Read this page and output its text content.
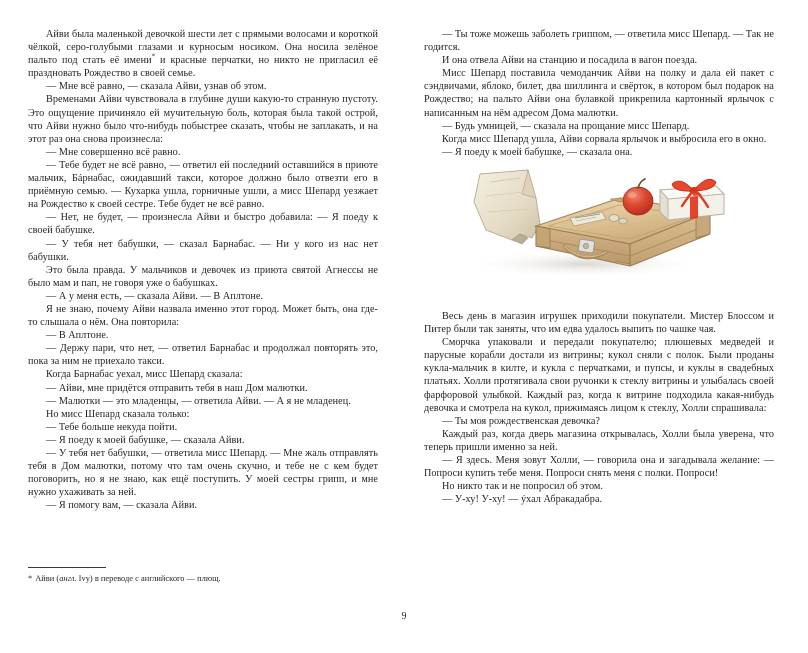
Айви была маленькой девочкой шести лет с прямыми волосами и короткой чёлкой, серо-голубыми глазами и курносым носиком. Она носила зелёное пальто под стать её имени* и красные перчатки, но никто не пригласил её праздновать Рождество в своей семье.

— Мне всё равно, — сказала Айви, узнав об этом.

Временами Айви чувствовала в глубине души какую-то странную пустоту. Это ощущение причиняло ей мучительную боль, которая была такой острой, что Айви нужно было что-нибудь побыстрее сказать, чтобы не заплакать, и на этот раз она снова произнесла:

— Мне совершенно всё равно.

— Тебе будет не всё равно, — ответил ей последний оставшийся в приюте мальчик, Бáрнабас, ожидавший такси, которое должно было отвезти его в приёмную семью. — Кухарка ушла, горничные ушли, а мисс Шепард уезжает на Рождество к своей сестре. Тебе будет не всё равно.

— Нет, не будет, — произнесла Айви и быстро добавила: — Я поеду к своей бабушке.

— У тебя нет бабушки, — сказал Барнабас. — Ни у кого из нас нет бабушки.

Это была правда. У мальчиков и девочек из приюта святой Агнессы не было мам и пап, не говоря уже о бабушках.

— А у меня есть, — сказала Айви. — В Аплтоне.

Я не знаю, почему Айви назвала именно этот город. Может быть, она где-то слышала о нём. Она повторила:

— В Аплтоне.

— Держу пари, что нет, — ответил Барнабас и продолжал повторять это, пока за ним не приехало такси.

Когда Барнабас уехал, мисс Шепард сказала:

— Айви, мне придётся отправить тебя в наш Дом малютки.

— Малютки — это младенцы, — ответила Айви. — А я не младенец.

Но мисс Шепард сказала только:

— Тебе больше некуда пойти.

— Я поеду к моей бабушке, — сказала Айви.

— У тебя нет бабушки, — ответила мисс Шепард. — Мне жаль отправлять тебя в Дом малютки, потому что там очень скучно, и тебе не с кем будет поговорить, но я не знаю, как ещё поступить. У моей сестры грипп, и мне нужно ухаживать за ней.

— Я помогу вам, — сказала Айви.

* Айви (англ. Ivy) в переводе с английского — плющ.

— Ты тоже можешь заболеть гриппом, — ответила мисс Шепард. — Так не годится.

И она отвела Айви на станцию и посадила в вагон поезда.

Мисс Шепард поставила чемоданчик Айви на полку и дала ей пакет с сэндвичами, яблоко, билет, два шиллинга и свёрток, в котором был подарок на Рождество; на пальто Айви она булавкой прикрепила картонный ярлычок с написанным на нём адресом Дома малютки.

— Будь умницей, — сказала на прощание мисс Шепард.

Когда мисс Шепард ушла, Айви сорвала ярлычок и выбросила его в окно.

— Я поеду к моей бабушке, — сказала она.

Весь день в магазин игрушек приходили покупатели. Мистер Блоссом и Питер были так заняты, что им едва удалось выпить по чашке чая.

Сморчка упаковали и передали покупателю; плюшевых медведей и парусные корабли достали из витрины; кукол сняли с полок. Были проданы кукла-мальчик в килте, и кукла с перчатками, и пупсы, и куклы в свадебных платьях. Холли протягивала свои ручонки к стеклу витрины и улыбалась своей фарфоровой улыбкой. Каждый раз, когда к витрине подходила какая-нибудь девочка и смотрела на кукол, прижимаясь лицом к стеклу, Холли спрашивала:

— Ты моя рождественская девочка?

Каждый раз, когда дверь магазина открывалась, Холли была уверена, что теперь пришли именно за ней.

— Я здесь. Меня зовут Холли, — говорила она и загадывала желание: — Попроси купить тебе меня. Попроси снять меня с полки. Попроси!

Но никто так и не попросил об этом.

— У-ху! У-ху! — ýхал Абракадабра.

9
